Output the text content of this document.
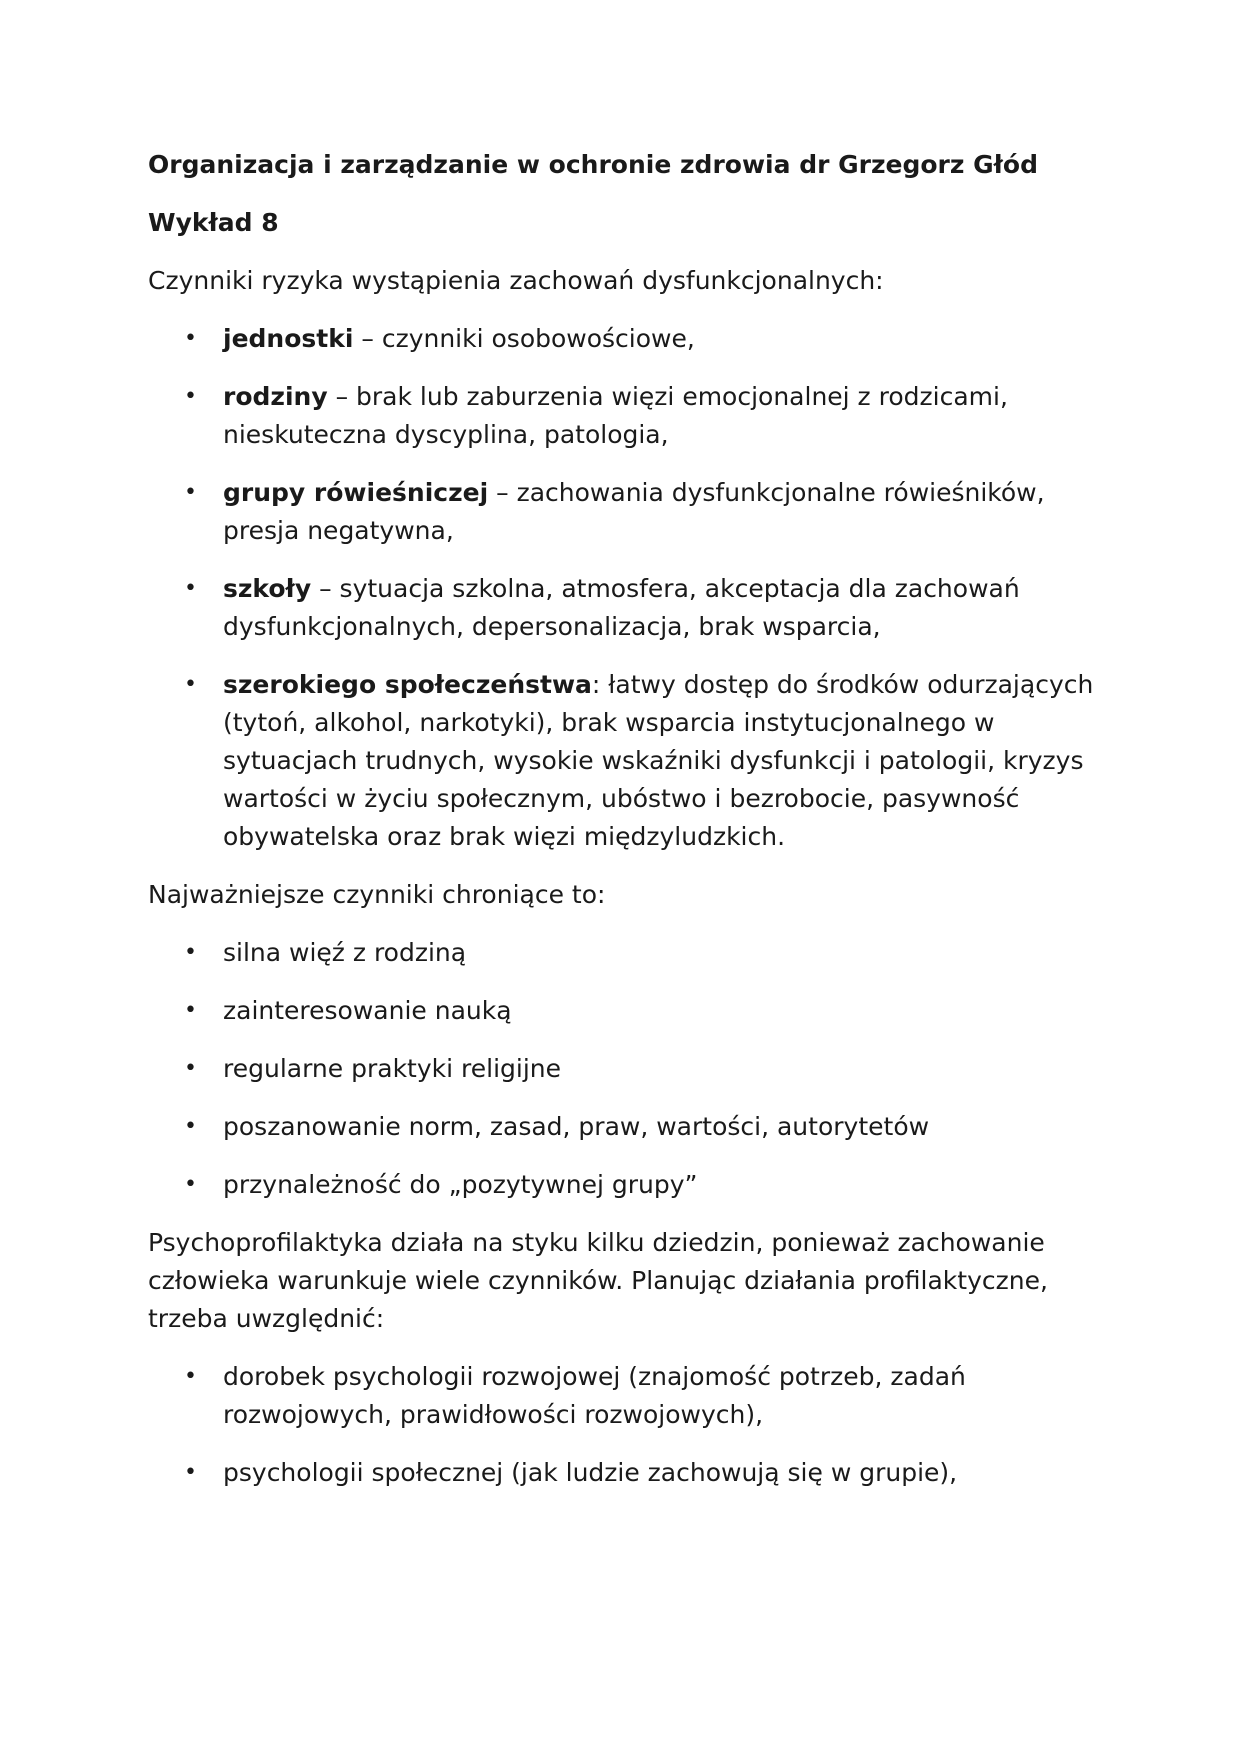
Organizacja i zarządzanie w ochronie zdrowia dr Grzegorz Głód

Wykład 8

Czynniki ryzyka wystąpienia zachowań dysfunkcjonalnych:

• jednostki – czynniki osobowościowe,
• rodziny – brak lub zaburzenia więzi emocjonalnej z rodzicami, nieskuteczna dyscyplina, patologia,
• grupy rówieśniczej – zachowania dysfunkcjonalne rówieśników, presja negatywna,
• szkoły – sytuacja szkolna, atmosfera, akceptacja dla zachowań dysfunkcjonalnych, depersonalizacja, brak wsparcia,
• szerokiego społeczeństwa: łatwy dostęp do środków odurzających (tytoń, alkohol, narkotyki), brak wsparcia instytucjonalnego w sytuacjach trudnych, wysokie wskaźniki dysfunkcji i patologii, kryzys wartości w życiu społecznym, ubóstwo i bezrobocie, pasywność obywatelska oraz brak więzi międzyludzkich.

Najważniejsze czynniki chroniące to:

• silna więź z rodziną
• zainteresowanie nauką
• regularne praktyki religijne
• poszanowanie norm, zasad, praw, wartości, autorytetów
• przynależność do „pozytywnej grupy”

Psychoprofilaktyka działa na styku kilku dziedzin, ponieważ zachowanie człowieka warunkuje wiele czynników. Planując działania profilaktyczne, trzeba uwzględnić:

• dorobek psychologii rozwojowej (znajomość potrzeb, zadań rozwojowych, prawidłowości rozwojowych),
• psychologii społecznej (jak ludzie zachowują się w grupie),
